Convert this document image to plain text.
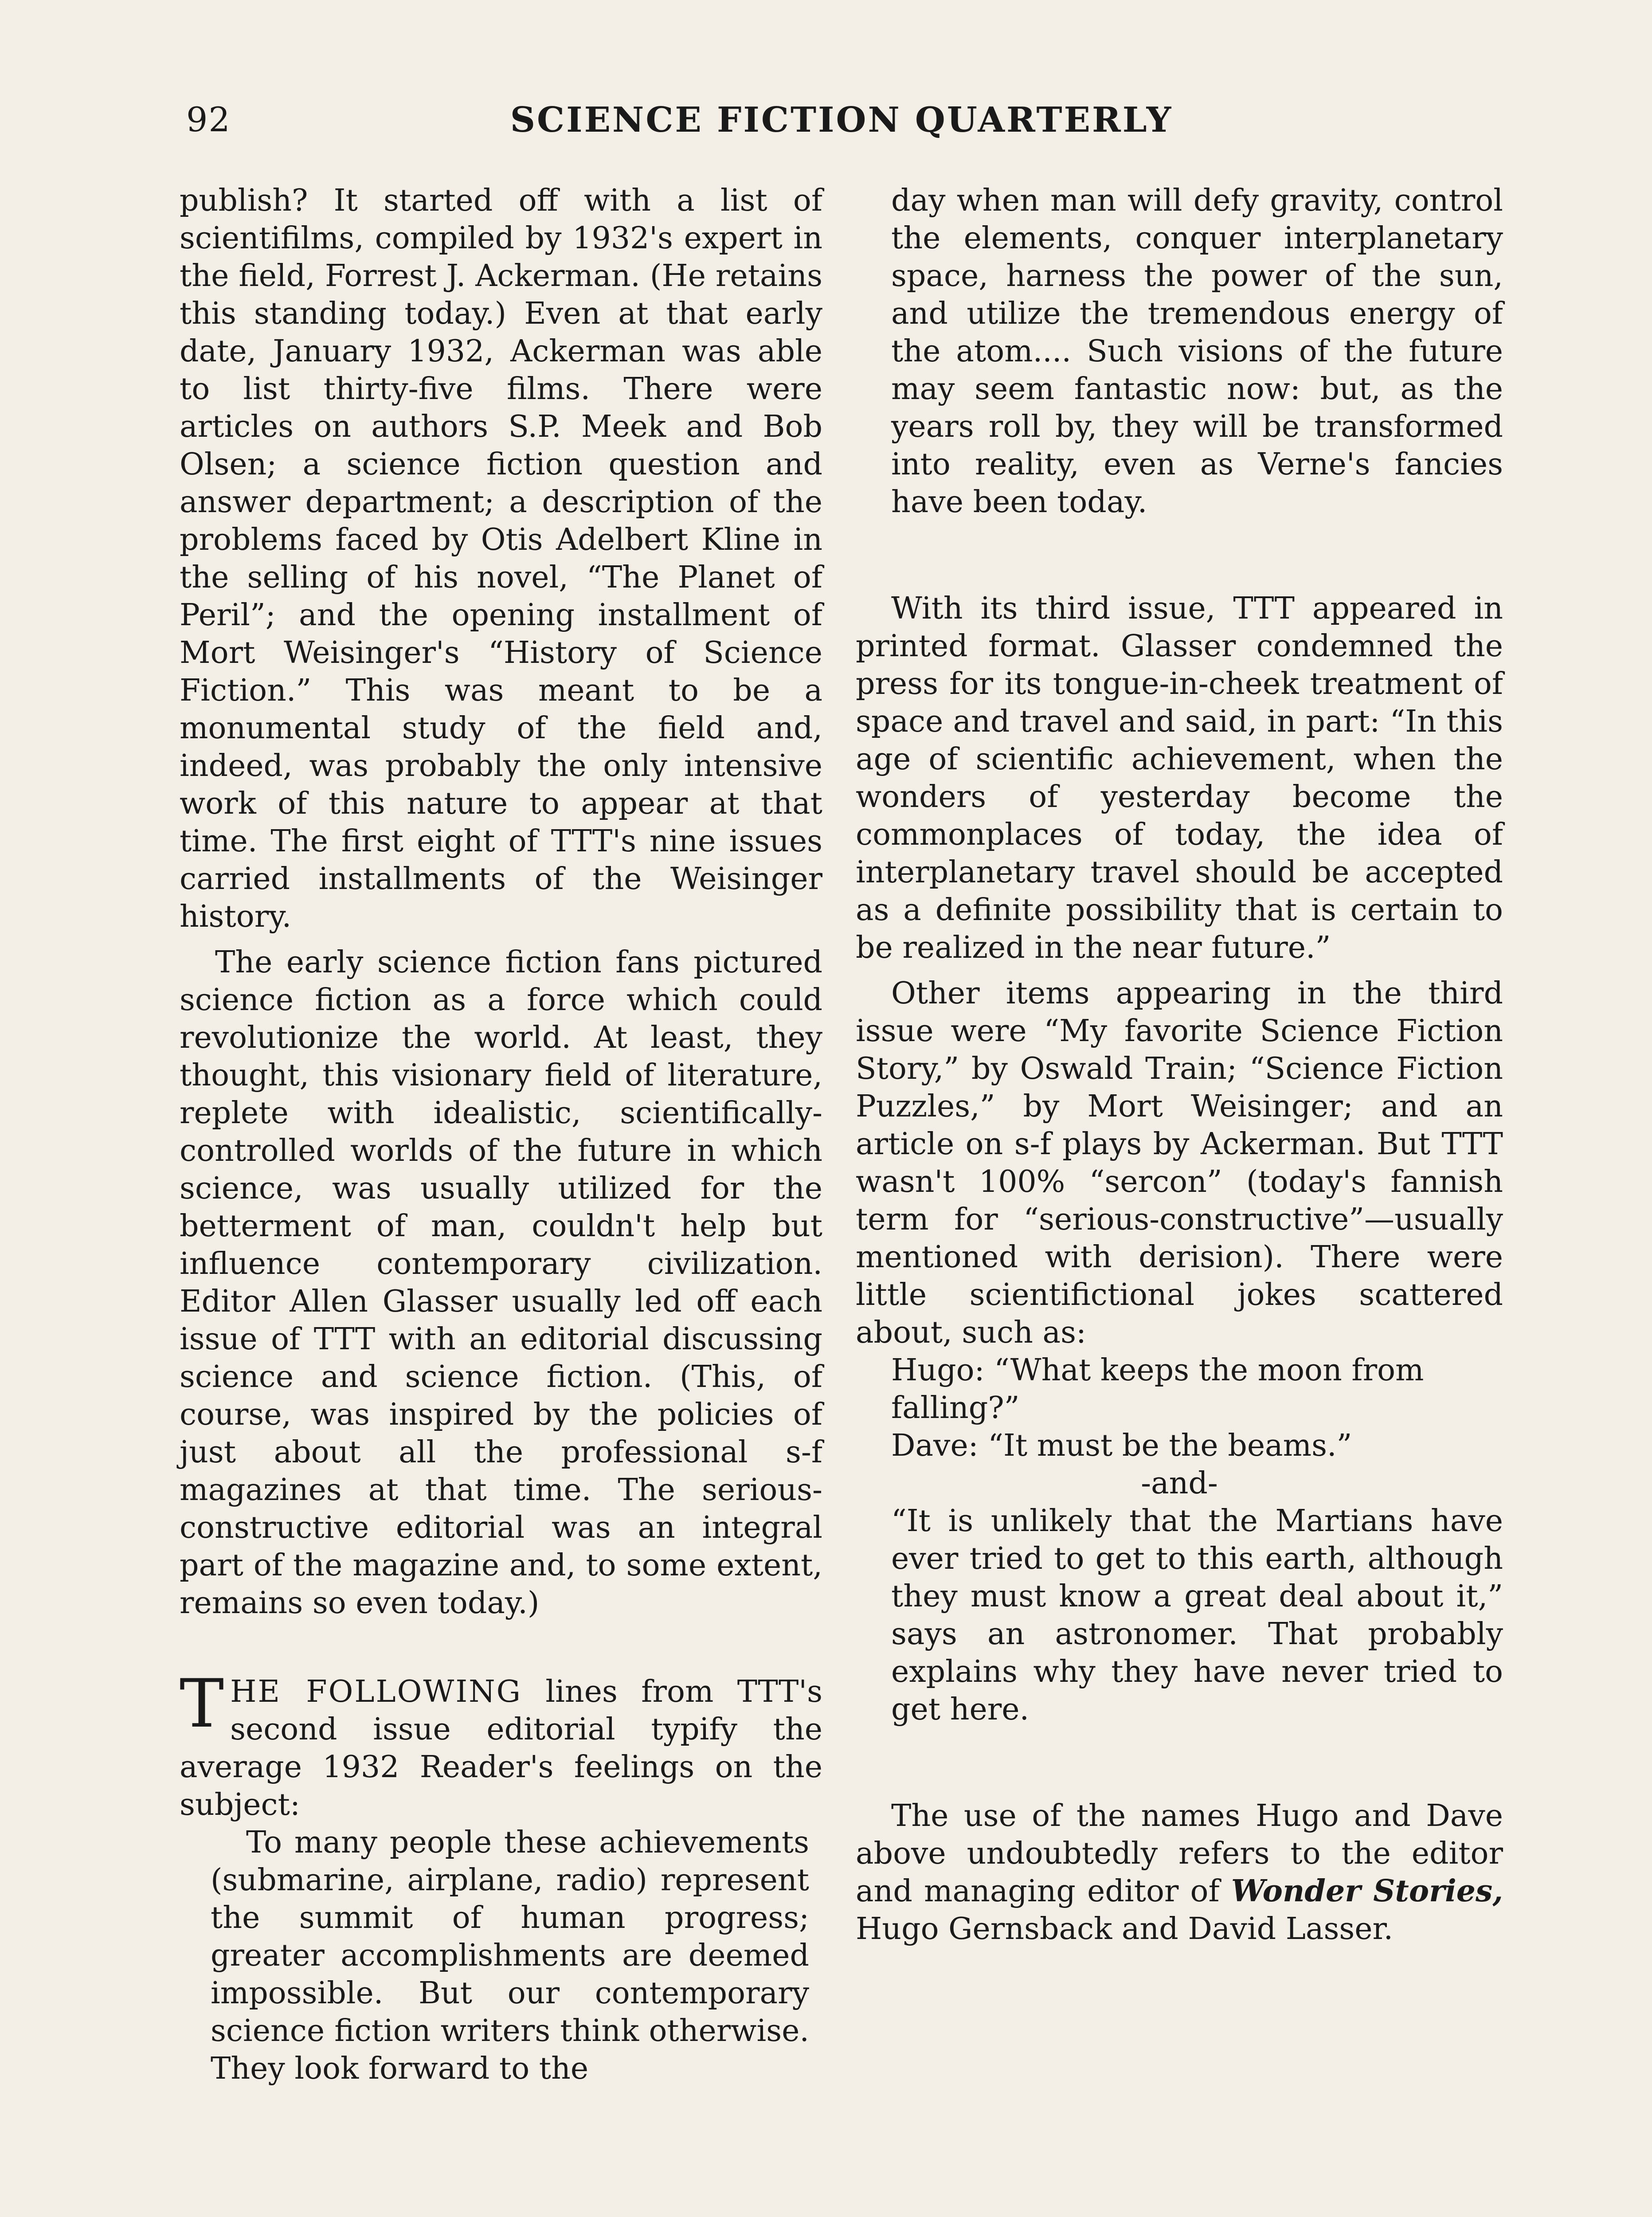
92	SCIENCE FICTION QUARTERLY

publish? It started off with a list of scientifilms, compiled by 1932's expert in the field, Forrest J. Ackerman. (He retains this standing today.) Even at that early date, January 1932, Ackerman was able to list thirty-five films. There were articles on authors S.P. Meek and Bob Olsen; a science fiction question and answer department; a description of the problems faced by Otis Adelbert Kline in the selling of his novel, “The Planet of Peril”; and the opening installment of Mort Weisinger's “History of Science Fiction.” This was meant to be a monumental study of the field and, indeed, was probably the only intensive work of this nature to appear at that time. The first eight of TTT's nine issues carried installments of the Weisinger history.

The early science fiction fans pictured science fiction as a force which could revolutionize the world. At least, they thought, this visionary field of literature, replete with idealistic, scientifically-controlled worlds of the future in which science, was usually utilized for the betterment of man, couldn't help but influence contemporary civilization. Editor Allen Glasser usually led off each issue of TTT with an editorial discussing science and science fiction. (This, of course, was inspired by the policies of just about all the professional s-f magazines at that time. The serious-constructive editorial was an integral part of the magazine and, to some extent, remains so even today.)

THE FOLLOWING lines from TTT's second issue editorial typify the average 1932 Reader's feelings on the subject:

To many people these achievements (submarine, airplane, radio) represent the summit of human progress; greater accomplishments are deemed impossible. But our contemporary science fiction writers think otherwise. They look forward to the

day when man will defy gravity, control the elements, conquer interplanetary space, harness the power of the sun, and utilize the tremendous energy of the atom.... Such visions of the future may seem fantastic now: but, as the years roll by, they will be transformed into reality, even as Verne's fancies have been today.

With its third issue, TTT appeared in printed format. Glasser condemned the press for its tongue-in-cheek treatment of space and travel and said, in part: “In this age of scientific achievement, when the wonders of yesterday become the commonplaces of today, the idea of interplanetary travel should be accepted as a definite possibility that is certain to be realized in the near future.”

Other items appearing in the third issue were “My favorite Science Fiction Story,” by Oswald Train; “Science Fiction Puzzles,” by Mort Weisinger; and an article on s-f plays by Ackerman. But TTT wasn't 100% “sercon” (today's fannish term for “serious-constructive”—usually mentioned with derision). There were little scientifictional jokes scattered about, such as:

Hugo: “What keeps the moon from falling?”

Dave: “It must be the beams.”

-and-

“It is unlikely that the Martians have ever tried to get to this earth, although they must know a great deal about it,” says an astronomer. That probably explains why they have never tried to get here.

The use of the names Hugo and Dave above undoubtedly refers to the editor and managing editor of Wonder Stories, Hugo Gernsback and David Lasser.
